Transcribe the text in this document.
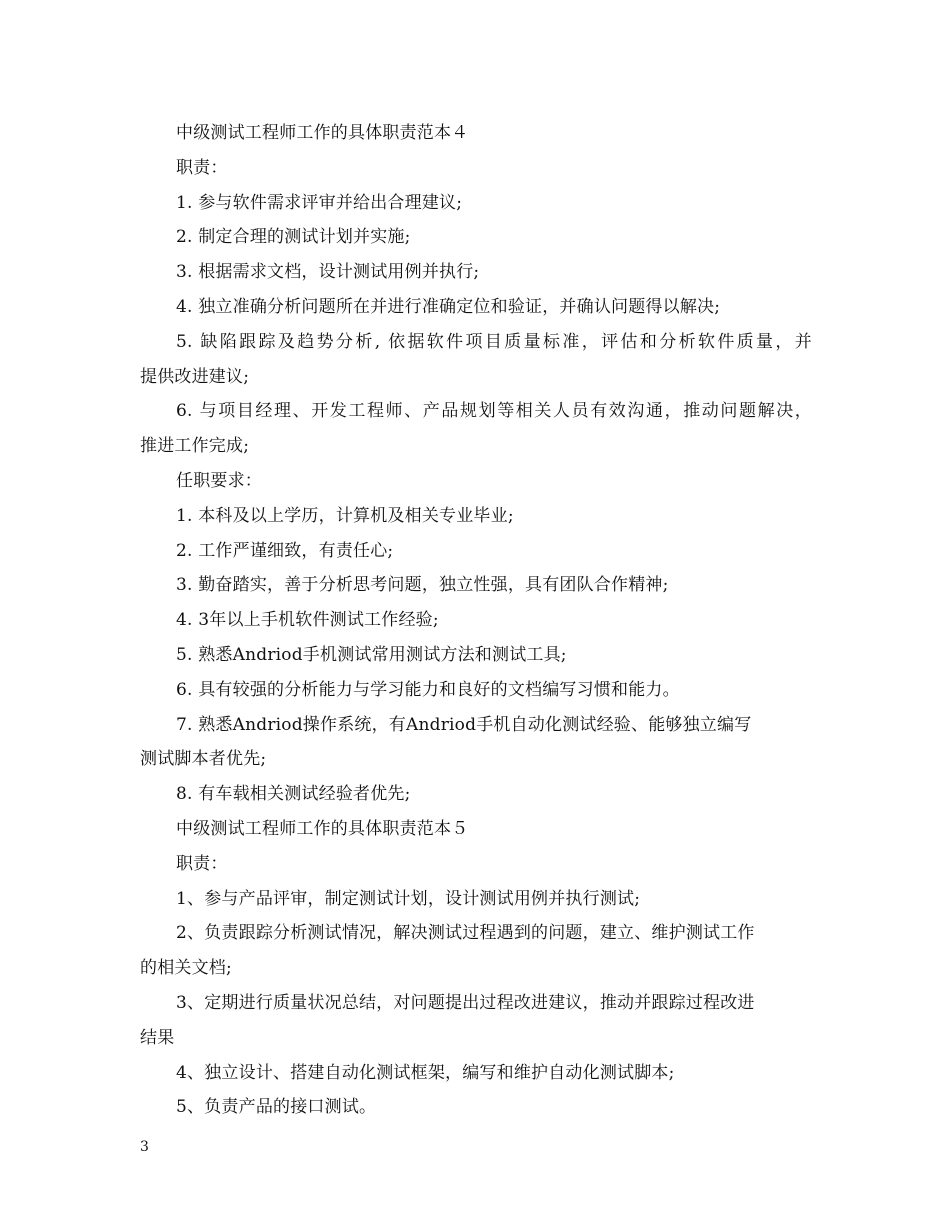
中级测试工程师工作的具体职责范本４
职责：
1. 参与软件需求评审并给出合理建议;
2. 制定合理的测试计划并实施;
3. 根据需求文档，设计测试用例并执行;
4. 独立准确分析问题所在并进行准确定位和验证，并确认问题得以解决;
5. 缺陷跟踪及趋势分析, 依据软件项目质量标准，评估和分析软件质量，并
提供改进建议;
6. 与项目经理、开发工程师、产品规划等相关人员有效沟通，推动问题解决，
推进工作完成;
任职要求：
1. 本科及以上学历，计算机及相关专业毕业;
2. 工作严谨细致，有责任心;
3. 勤奋踏实，善于分析思考问题，独立性强，具有团队合作精神;
4. 3年以上手机软件测试工作经验;
5. 熟悉Andriod手机测试常用测试方法和测试工具;
6. 具有较强的分析能力与学习能力和良好的文档编写习惯和能力。
7. 熟悉Andriod操作系统，有Andriod手机自动化测试经验、能够独立编写
测试脚本者优先;
8. 有车载相关测试经验者优先;
中级测试工程师工作的具体职责范本５
职责：
1、参与产品评审，制定测试计划，设计测试用例并执行测试;
2、负责跟踪分析测试情况，解决测试过程遇到的问题，建立、维护测试工作
的相关文档;
3、定期进行质量状况总结，对问题提出过程改进建议，推动并跟踪过程改进
结果
4、独立设计、搭建自动化测试框架，编写和维护自动化测试脚本;
5、负责产品的接口测试。
3
